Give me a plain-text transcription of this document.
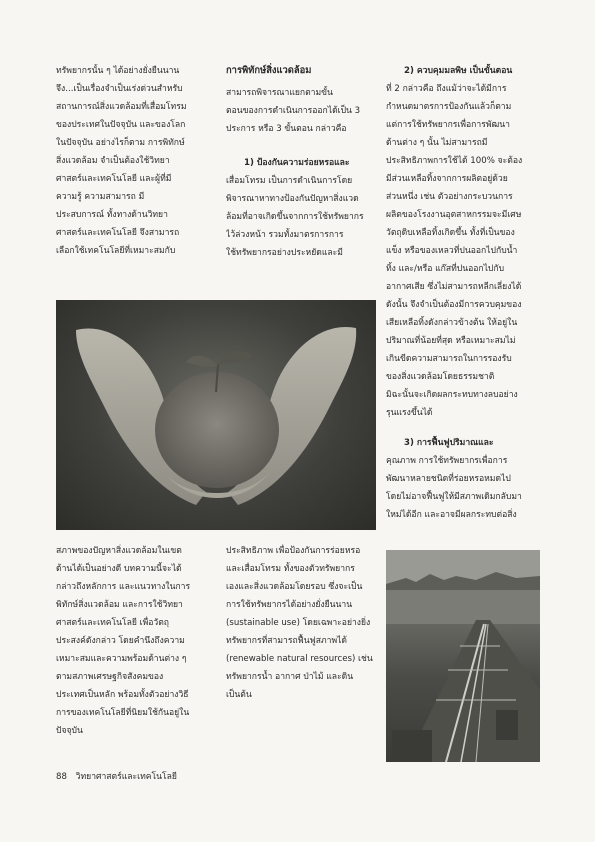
ทรัพยากรนั้น ๆ ได้อย่างยั่งยืนนาน
จึง...เป็นเรื่องจำเป็นเร่งด่วนสำหรับ
สถานการณ์สิ่งแวดล้อมที่เสื่อมโทรม
ของประเทศในปัจจุบัน และของโลก
ในปัจจุบัน อย่างไรก็ตาม การพิทักษ์
สิ่งแวดล้อม จำเป็นต้องใช้วิทยา
ศาสตร์และเทคโนโลยี และผู้ที่มี
ความรู้ ความสามารถ มี
ประสบการณ์ ทั้งทางด้านวิทยา
ศาสตร์และเทคโนโลยี จึงสามารถ
เลือกใช้เทคโนโลยีที่เหมาะสมกับ

การพิทักษ์สิ่งแวดล้อม

สามารถพิจารณาแยกตามขั้น
ตอนของการดำเนินการออกได้เป็น 3
ประการ หรือ 3 ขั้นตอน กล่าวคือ

1) ป้องกันความร่อยหรอและ

เสื่อมโทรม เป็นการดำเนินการโดย
พิจารณาหาทางป้องกันปัญหาสิ่งแวด
ล้อมที่อาจเกิดขึ้นจากการใช้ทรัพยากร
ไว้ล่วงหน้า รวมทั้งมาตรการการ
ใช้ทรัพยากรอย่างประหยัดและมี

2) ควบคุมมลพิษ เป็นขั้นตอน

ที่ 2 กล่าวคือ ถึงแม้ว่าจะได้มีการ
กำหนดมาตรการป้องกันแล้วก็ตาม
แต่การใช้ทรัพยากรเพื่อการพัฒนา
ด้านต่าง ๆ นั้น ไม่สามารถมี
ประสิทธิภาพการใช้ได้ 100% จะต้อง
มีส่วนเหลือทิ้งจากการผลิตอยู่ด้วย
ส่วนหนึ่ง เช่น ตัวอย่างกระบวนการ
ผลิตของโรงงานอุตสาหกรรมจะมีเศษ
วัตถุดิบเหลือทิ้งเกิดขึ้น ทั้งที่เป็นของ
แข็ง หรือของเหลวที่ปนออกไปกับน้ำ
ทิ้ง และ/หรือ แก๊สที่ปนออกไปกับ
อากาศเสีย ซึ่งไม่สามารถหลีกเลี่ยงได้
ดังนั้น จึงจำเป็นต้องมีการควบคุมของ
เสียเหลือทิ้งดังกล่าวข้างต้น ให้อยู่ใน
ปริมาณที่น้อยที่สุด หรือเหมาะสมไม่
เกินขีดความสามารถในการรองรับ
ของสิ่งแวดล้อมโดยธรรมชาติ
มิฉะนั้นจะเกิดผลกระทบทางลบอย่าง
รุนแรงขึ้นได้

3) การฟื้นฟูปริมาณและ

คุณภาพ การใช้ทรัพยากรเพื่อการ
พัฒนาหลายชนิดที่ร่อยหรอหมดไป
โดยไม่อาจฟื้นฟูให้มีสภาพเดิมกลับมา
ใหม่ได้อีก และอาจมีผลกระทบต่อสิ่ง
สภาพของปัญหาสิ่งแวดล้อมในเขต
ด้านได้เป็นอย่างดี บทความนี้จะได้
กล่าวถึงหลักการ และแนวทางในการ
พิทักษ์สิ่งแวดล้อม และการใช้วิทยา
ศาสตร์และเทคโนโลยี เพื่อวัตถุ
ประสงค์ดังกล่าว โดยคำนึงถึงความ
เหมาะสมและความพร้อมด้านต่าง ๆ
ตามสภาพเศรษฐกิจสังคมของ
ประเทศเป็นหลัก พร้อมทั้งตัวอย่างวิธี
การของเทคโนโลยีที่นิยมใช้กันอยู่ใน
ปัจจุบัน
ประสิทธิภาพ เพื่อป้องกันการร่อยหรอ
และเสื่อมโทรม ทั้งของตัวทรัพยากร
เองและสิ่งแวดล้อมโดยรอบ ซึ่งจะเป็น
การใช้ทรัพยากรได้อย่างยั่งยืนนาน
(sustainable use) โดยเฉพาะอย่างยิ่ง
ทรัพยากรที่สามารถฟื้นฟูสภาพได้
(renewable natural resources) เช่น
ทรัพยากรน้ำ อากาศ ป่าไม้ และดิน
เป็นต้น
88 วิทยาศาสตร์และเทคโนโลยี
